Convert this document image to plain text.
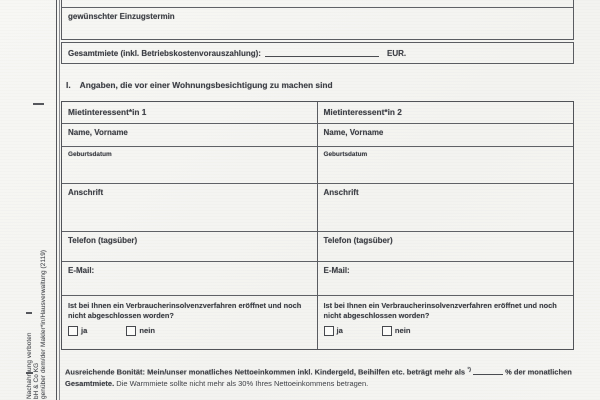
Nachahmung verboten bH & Co KG genüber dem/der Makler*in/Hausverwaltung (2119)
gewünschter Einzugstermin
Gesamtmiete (inkl. Betriebskostenvorauszahlung):	EUR.
I. Angaben, die vor einer Wohnungsbesichtigung zu machen sind
Mietinteressent*in 1
Name, Vorname
Geburtsdatum
Anschrift
Telefon (tagsüber)
E-Mail:
Ist bei Ihnen ein Verbraucherinsolvenzverfahren eröffnet und noch nicht abgeschlossen worden?
ja	nein
Mietinteressent*in 2
Name, Vorname
Geburtsdatum
Anschrift
Telefon (tagsüber)
E-Mail:
Ist bei Ihnen ein Verbraucherinsolvenzverfahren eröffnet und noch nicht abgeschlossen worden?
ja	nein

Ausreichende Bonität: Mein/unser monatliches Nettoeinkommen inkl. Kindergeld, Beihilfen etc. beträgt mehr als $^{^1)}$	% der monatlichen Gesamtmiete. Die Warmmiete sollte nicht mehr als 30% Ihres Nettoeinkommens betragen.
